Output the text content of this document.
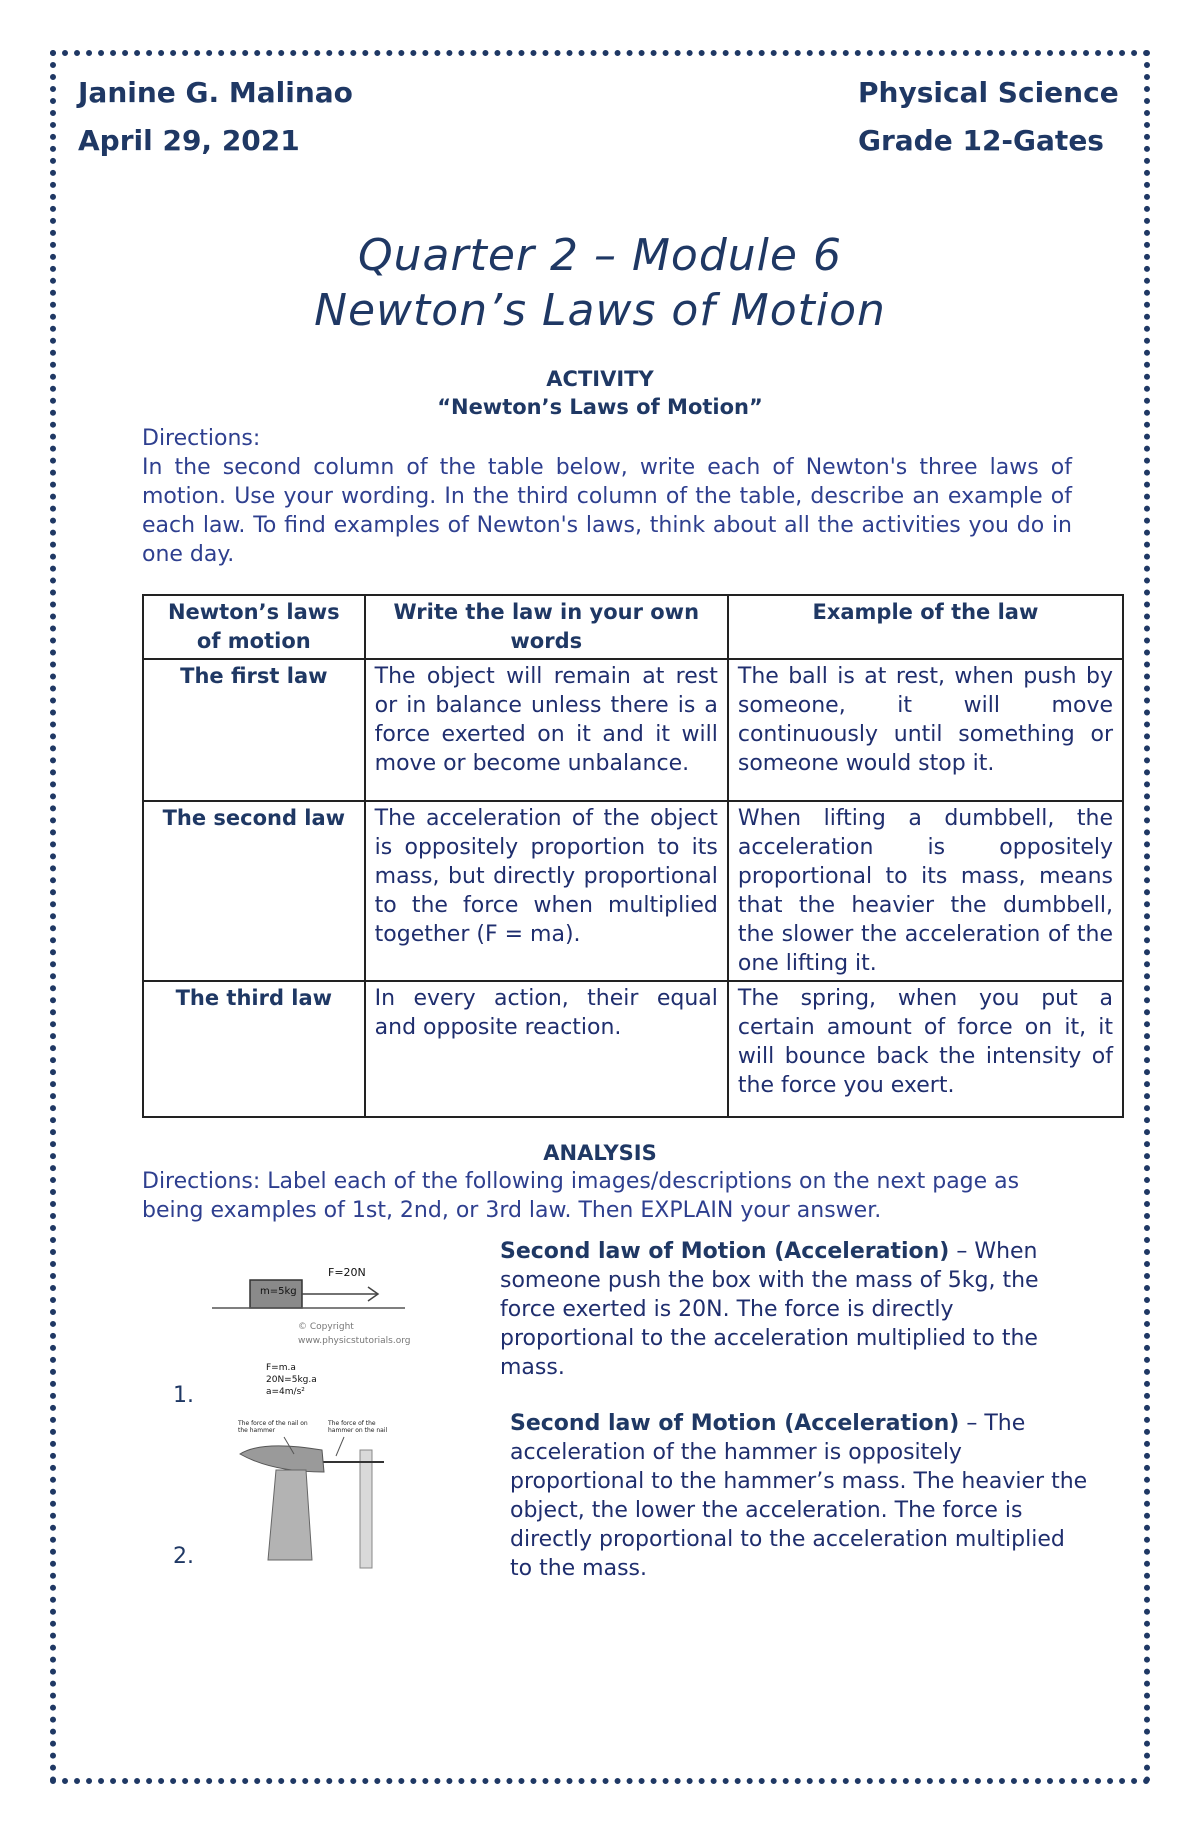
Janine G. Malinao
April 29, 2021
Physical Science
Grade 12-Gates
Quarter 2 – Module 6
Newton’s Laws of Motion
ACTIVITY
“Newton’s Laws of Motion”
Directions:
In the second column of the table below, write each of Newton's three laws of motion. Use your wording. In the third column of the table, describe an example of each law. To find examples of Newton's laws, think about all the activities you do in one day.
Newton’s laws of motion	Write the law in your own words	Example of the law
The first law	The object will remain at rest or in balance unless there is a force exerted on it and it will move or become unbalance.	The ball is at rest, when push by someone, it will move continuously until something or someone would stop it.
The second law	The acceleration of the object is oppositely proportion to its mass, but directly proportional to the force when multiplied together (F = ma).	When lifting a dumbbell, the acceleration is oppositely proportional to its mass, means that the heavier the dumbbell, the slower the acceleration of the one lifting it.
The third law	In every action, their equal and opposite reaction.	The spring, when you put a certain amount of force on it, it will bounce back the intensity of the force you exert.
ANALYSIS
Directions: Label each of the following images/descriptions on the next page as being examples of 1st, 2nd, or 3rd law. Then EXPLAIN your answer.
m=5kg
F=20N
© Copyright
www.physicstutorials.org
F=m.a
20N=5kg.a
a=4m/s²
1.
Second law of Motion (Acceleration) – When someone push the box with the mass of 5kg, the force exerted is 20N. The force is directly proportional to the acceleration multiplied to the mass.
The force of the nail on the hammer
The force of the hammer on the nail
2.
Second law of Motion (Acceleration) – The acceleration of the hammer is oppositely proportional to the hammer’s mass. The heavier the object, the lower the acceleration. The force is directly proportional to the acceleration multiplied to the mass.
